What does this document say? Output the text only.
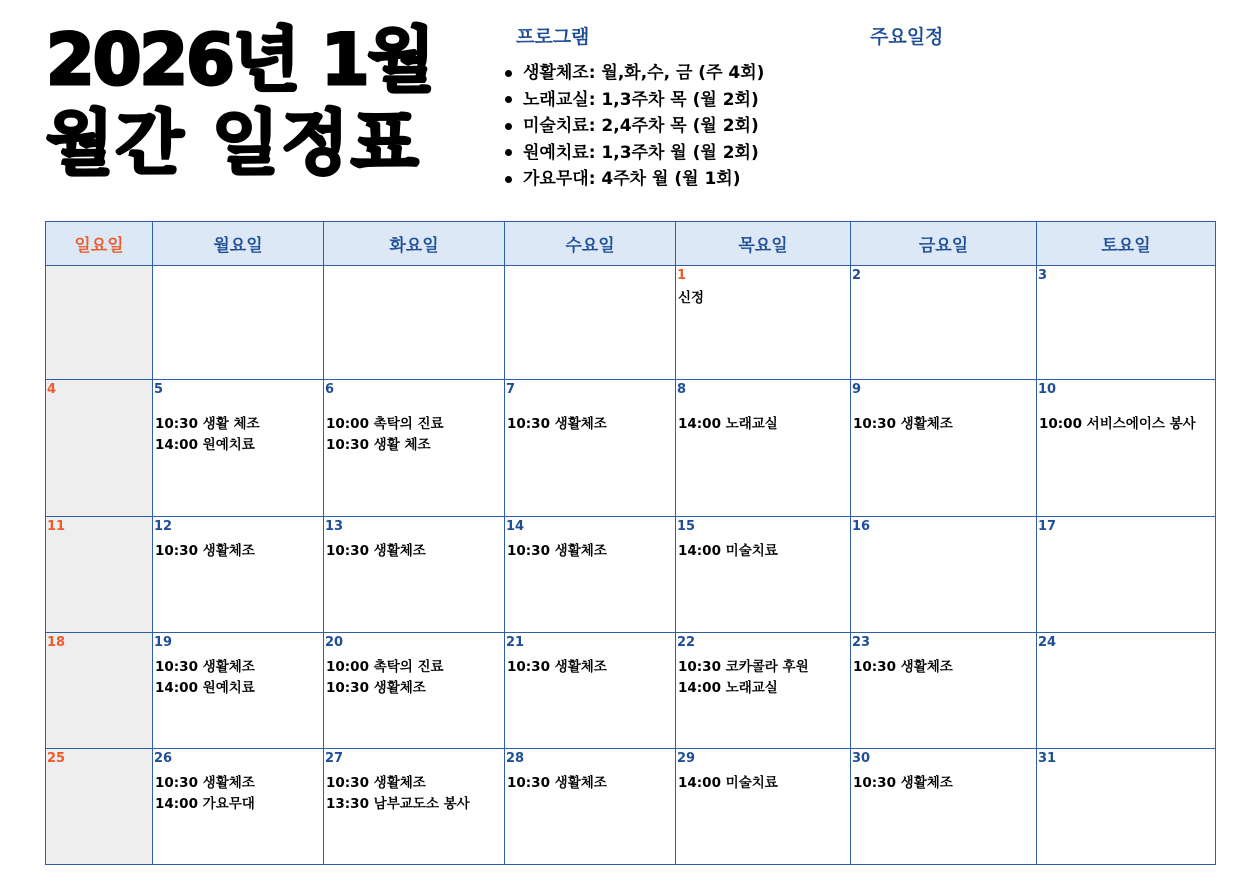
2026년 1월
월간 일정표
프로그램	주요일정
생활체조: 월,화,수, 금 (주 4회)
노래교실: 1,3주차 목 (월 2회)
미술치료: 2,4주차 목 (월 2회)
원예치료: 1,3주차 월 (월 2회)
가요무대: 4주차 월 (월 1회)
일요일	월요일	화요일	수요일	목요일	금요일	토요일

				1
신정	2	3

4	5
10:30 생활 체조
14:00 원예치료	6
10:00 촉탁의 진료
10:30 생활 체조	7
10:30 생활체조	8
14:00 노래교실	9
10:30 생활체조	10
10:00 서비스에이스 봉사

11	12
10:30 생활체조	13
10:30 생활체조	14
10:30 생활체조	15
14:00 미술치료	16	17

18	19
10:30 생활체조
14:00 원예치료	20
10:00 촉탁의 진료
10:30 생활체조	21
10:30 생활체조	22
10:30 코카콜라 후원
14:00 노래교실	23
10:30 생활체조	24

25	26
10:30 생활체조
14:00 가요무대	27
10:30 생활체조
13:30 남부교도소 봉사	28
10:30 생활체조	29
14:00 미술치료	30
10:30 생활체조	31
